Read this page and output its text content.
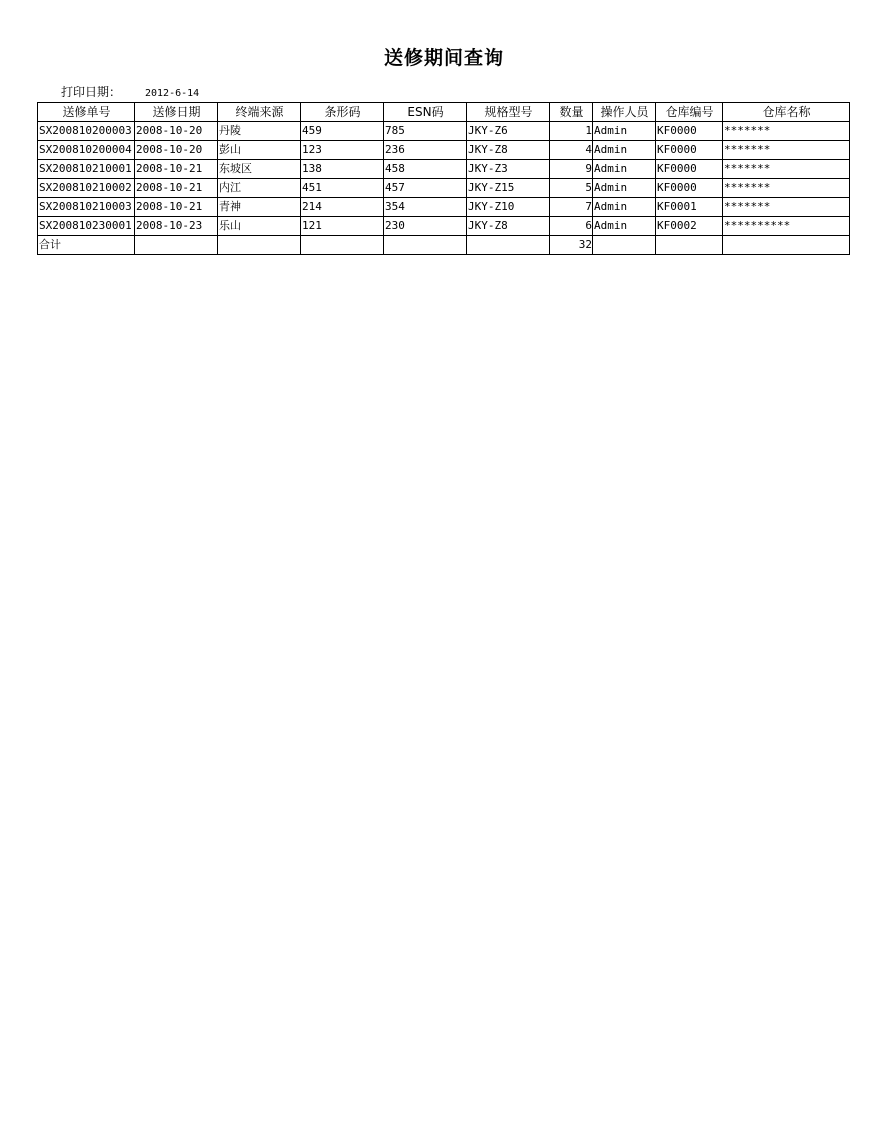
送修期间查询
打印日期： 2012-6-14
送修单号	送修日期	终端来源	条形码	ESN码	规格型号	数量	操作人员	仓库编号	仓库名称
SX200810200003	2008-10-20	丹陵	459	785	JKY-Z6	1	Admin	KF0000	*******
SX200810200004	2008-10-20	彭山	123	236	JKY-Z8	4	Admin	KF0000	*******
SX200810210001	2008-10-21	东坡区	138	458	JKY-Z3	9	Admin	KF0000	*******
SX200810210002	2008-10-21	内江	451	457	JKY-Z15	5	Admin	KF0000	*******
SX200810210003	2008-10-21	青神	214	354	JKY-Z10	7	Admin	KF0001	*******
SX200810230001	2008-10-23	乐山	121	230	JKY-Z8	6	Admin	KF0002	**********
合计						32			
